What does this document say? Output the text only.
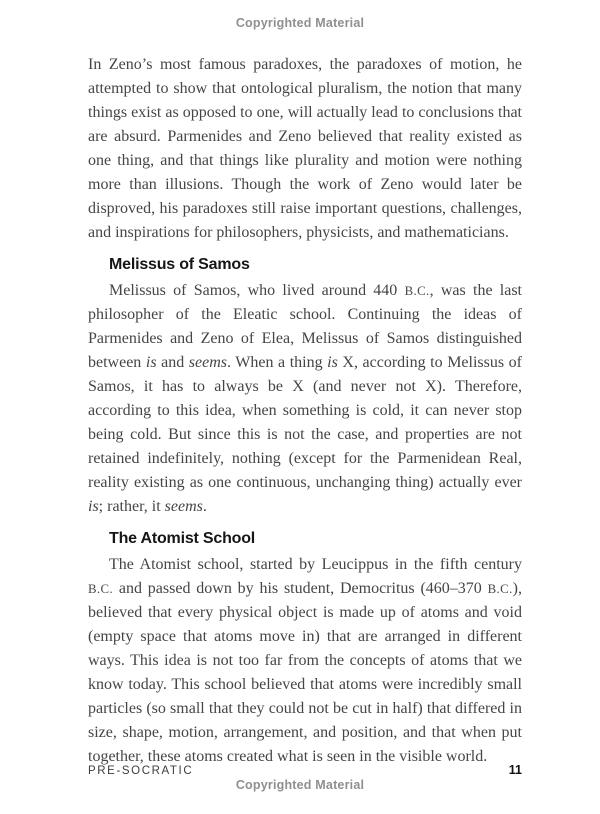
Copyrighted Material

In Zeno’s most famous paradoxes, the paradoxes of motion, he attempted to show that ontological pluralism, the notion that many things exist as opposed to one, will actually lead to conclusions that are absurd. Parmenides and Zeno believed that reality existed as one thing, and that things like plurality and motion were nothing more than illusions. Though the work of Zeno would later be disproved, his paradoxes still raise important questions, challenges, and inspirations for philosophers, physicists, and mathematicians.

Melissus of Samos

Melissus of Samos, who lived around 440 B.C., was the last philosopher of the Eleatic school. Continuing the ideas of Parmenides and Zeno of Elea, Melissus of Samos distinguished between is and seems. When a thing is X, according to Melissus of Samos, it has to always be X (and never not X). Therefore, according to this idea, when something is cold, it can never stop being cold. But since this is not the case, and properties are not retained indefinitely, nothing (except for the Parmenidean Real, reality existing as one continuous, unchanging thing) actually ever is; rather, it seems.

The Atomist School

The Atomist school, started by Leucippus in the fifth century B.C. and passed down by his student, Democritus (460–370 B.C.), believed that every physical object is made up of atoms and void (empty space that atoms move in) that are arranged in different ways. This idea is not too far from the concepts of atoms that we know today. This school believed that atoms were incredibly small particles (so small that they could not be cut in half) that differed in size, shape, motion, arrangement, and position, and that when put together, these atoms created what is seen in the visible world.

PRE-SOCRATIC	11
Copyrighted Material
